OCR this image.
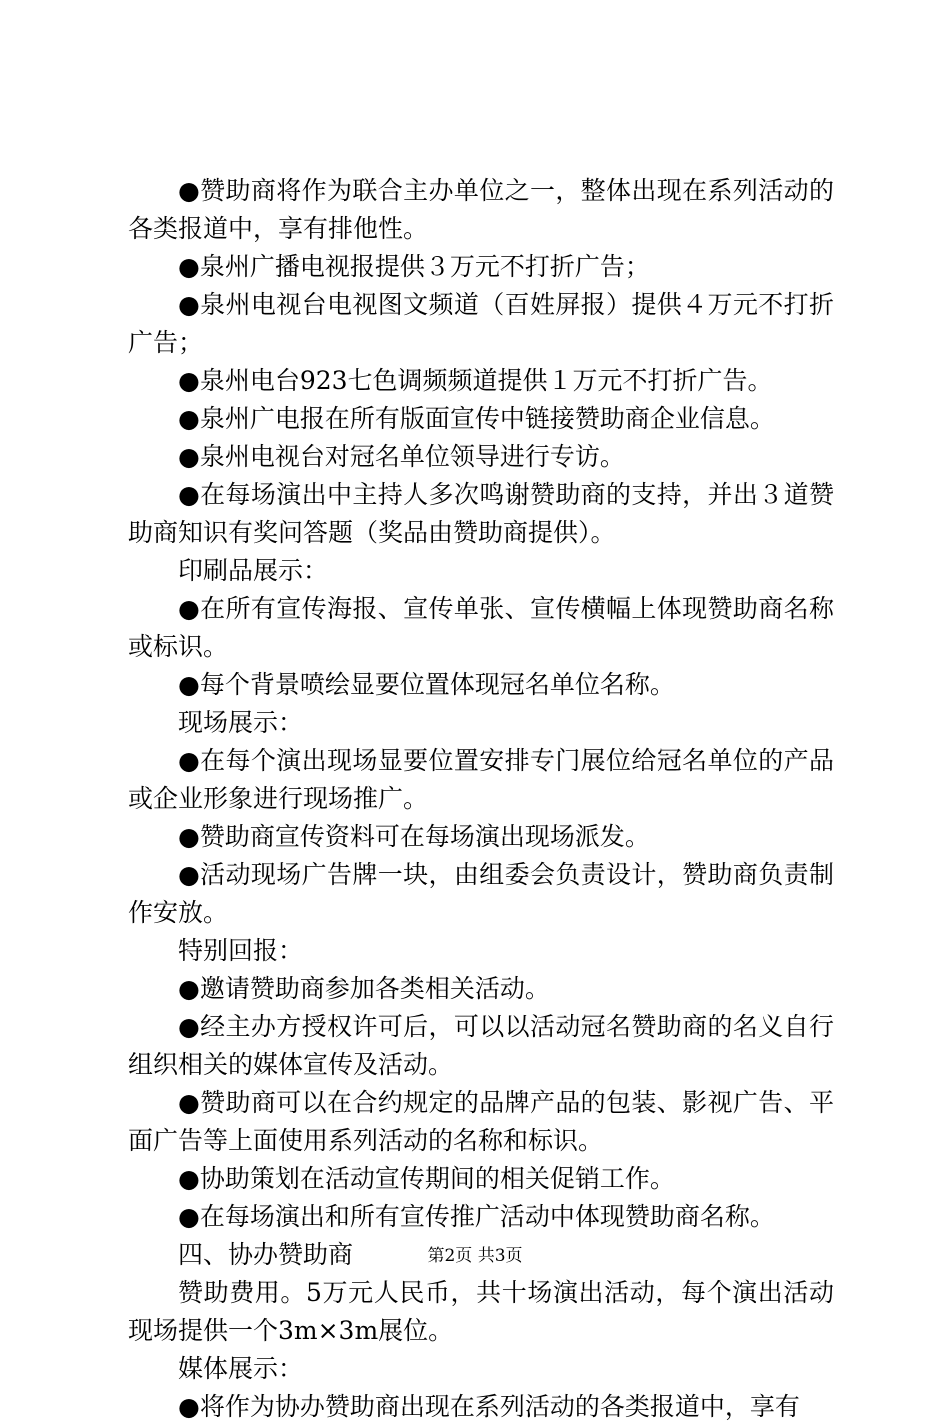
●赞助商将作为联合主办单位之一，整体出现在系列活动的各类报道中，享有排他性。

●泉州广播电视报提供３万元不打折广告；

●泉州电视台电视图文频道（百姓屏报）提供４万元不打折广告；

●泉州电台923七色调频频道提供１万元不打折广告。

●泉州广电报在所有版面宣传中链接赞助商企业信息。

●泉州电视台对冠名单位领导进行专访。

●在每场演出中主持人多次鸣谢赞助商的支持，并出３道赞助商知识有奖问答题（奖品由赞助商提供）。

印刷品展示：

●在所有宣传海报、宣传单张、宣传横幅上体现赞助商名称或标识。

●每个背景喷绘显要位置体现冠名单位名称。

现场展示：

●在每个演出现场显要位置安排专门展位给冠名单位的产品或企业形象进行现场推广。

●赞助商宣传资料可在每场演出现场派发。

●活动现场广告牌一块，由组委会负责设计，赞助商负责制作安放。

特别回报：

●邀请赞助商参加各类相关活动。

●经主办方授权许可后，可以以活动冠名赞助商的名义自行组织相关的媒体宣传及活动。

●赞助商可以在合约规定的品牌产品的包装、影视广告、平面广告等上面使用系列活动的名称和标识。

●协助策划在活动宣传期间的相关促销工作。

●在每场演出和所有宣传推广活动中体现赞助商名称。

四、协办赞助商

赞助费用。5万元人民币，共十场演出活动，每个演出活动现场提供一个3m×3m展位。

媒体展示：

●将作为协办赞助商出现在系列活动的各类报道中，享有

第2页 共3页
